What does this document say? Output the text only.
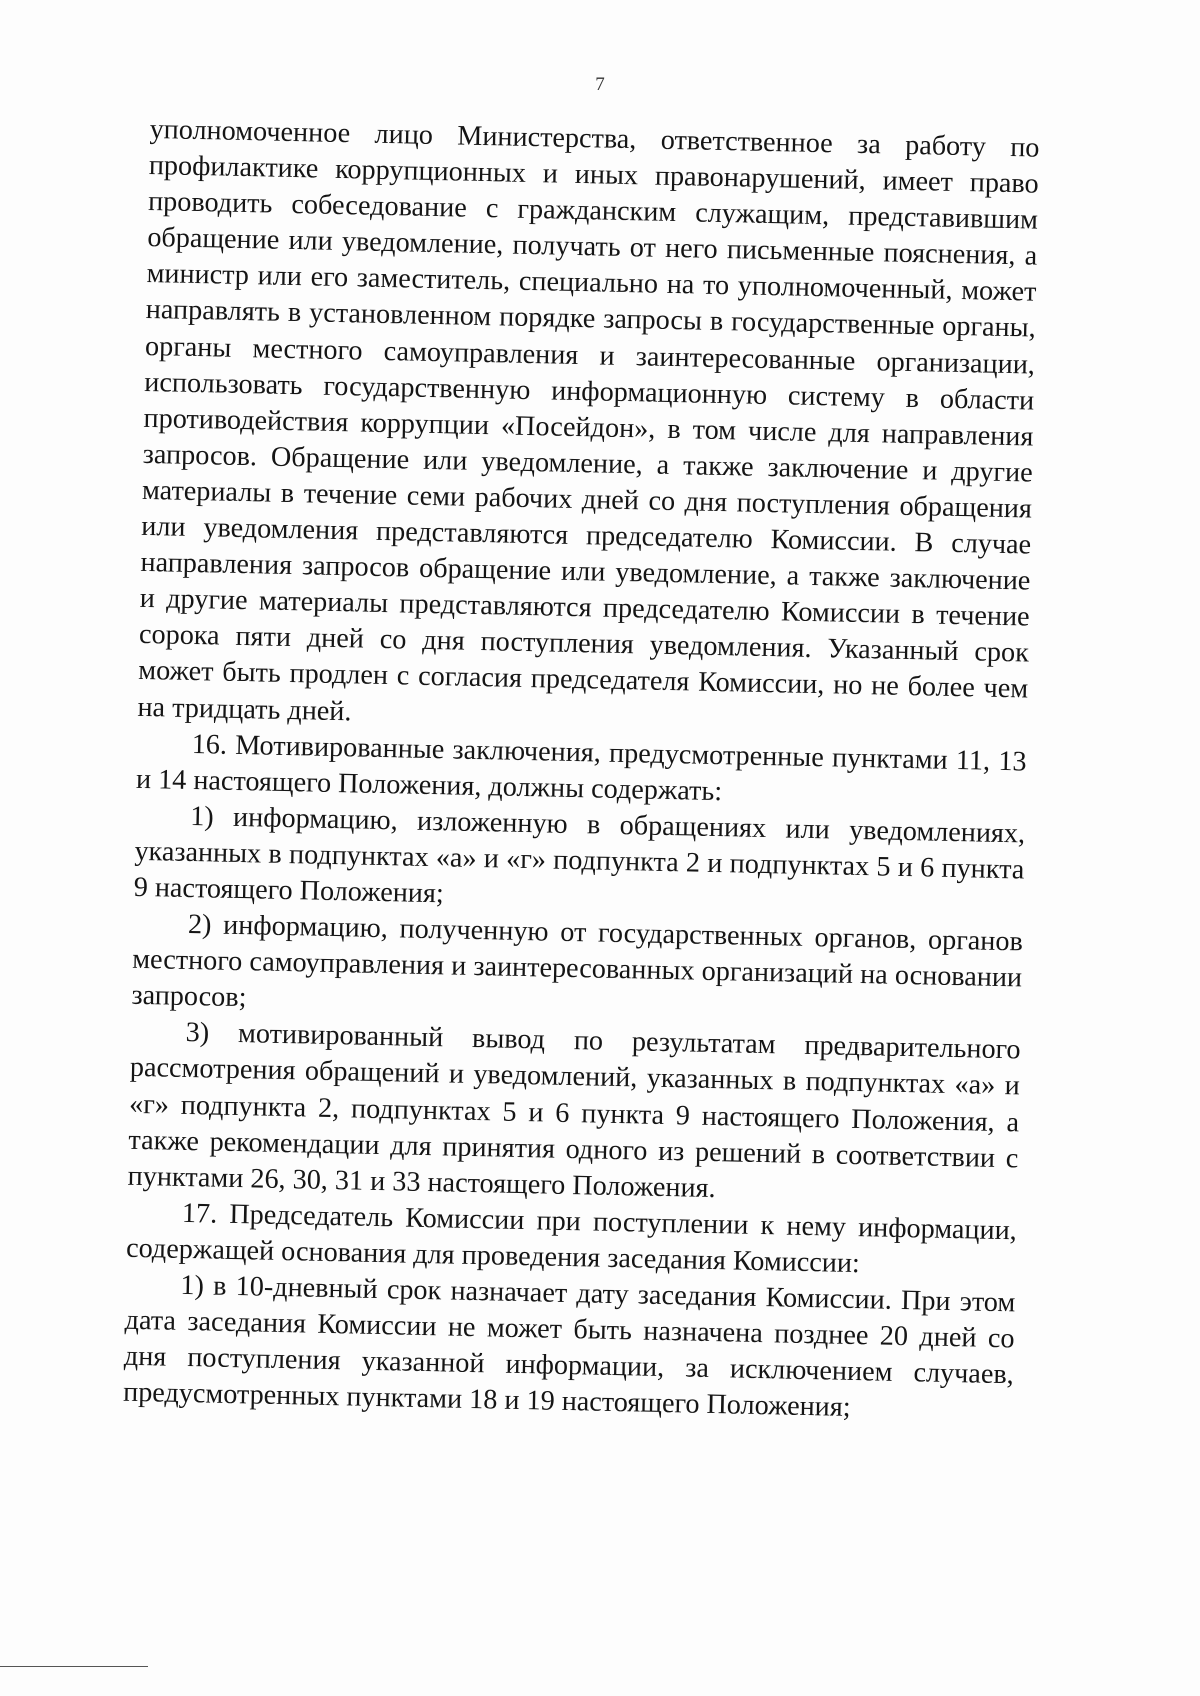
7

уполномоченное лицо Министерства, ответственное за работу по профилактике коррупционных и иных правонарушений, имеет право проводить собеседование с гражданским служащим, представившим обращение или уведомление, получать от него письменные пояснения, а министр или его заместитель, специально на то уполномоченный, может направлять в установленном порядке запросы в государственные органы, органы местного самоуправления и заинтересованные организации, использовать государственную информационную систему в области противодействия коррупции «Посейдон», в том числе для направления запросов. Обращение или уведомление, а также заключение и другие материалы в течение семи рабочих дней со дня поступления обращения или уведомления представляются председателю Комиссии. В случае направления запросов обращение или уведомление, а также заключение и другие материалы представляются председателю Комиссии в течение сорока пяти дней со дня поступления уведомления. Указанный срок может быть продлен с согласия председателя Комиссии, но не более чем на тридцать дней.

16. Мотивированные заключения, предусмотренные пунктами 11, 13 и 14 настоящего Положения, должны содержать:

1) информацию, изложенную в обращениях или уведомлениях, указанных в подпунктах «а» и «г» подпункта 2 и подпунктах 5 и 6 пункта 9 настоящего Положения;

2) информацию, полученную от государственных органов, органов местного самоуправления и заинтересованных организаций на основании запросов;

3) мотивированный вывод по результатам предварительного рассмотрения обращений и уведомлений, указанных в подпунктах «а» и «г» подпункта 2, подпунктах 5 и 6 пункта 9 настоящего Положения, а также рекомендации для принятия одного из решений в соответствии с пунктами 26, 30, 31 и 33 настоящего Положения.

17. Председатель Комиссии при поступлении к нему информации, содержащей основания для проведения заседания Комиссии:

1) в 10-дневный срок назначает дату заседания Комиссии. При этом дата заседания Комиссии не может быть назначена позднее 20 дней со дня поступления указанной информации, за исключением случаев, предусмотренных пунктами 18 и 19 настоящего Положения;
